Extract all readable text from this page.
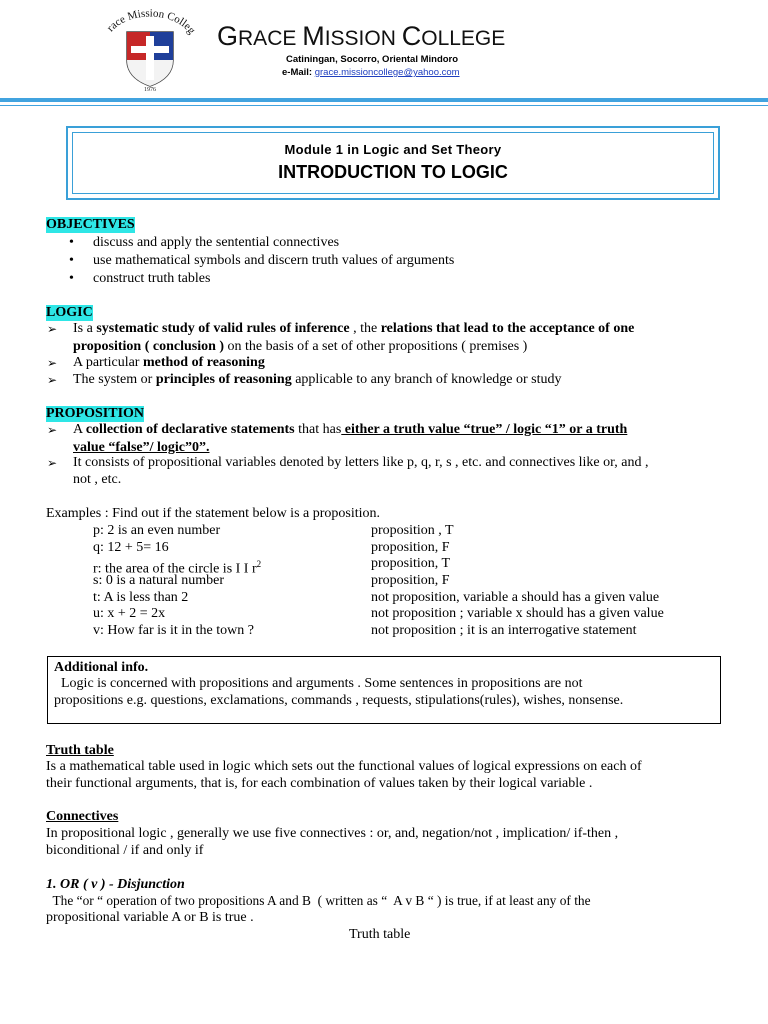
race Mission Colleg
1976
GRACE MISSION COLLEGE
Catiningan, Socorro, Oriental Mindoro
e-Mail: grace.missioncollege@yahoo.com
Module 1 in Logic and Set Theory
INTRODUCTION TO LOGIC
OBJECTIVES
• discuss and apply the sentential connectives
• use mathematical symbols and discern truth values of arguments
• construct truth tables
LOGIC
➢ Is a systematic study of valid rules of inference , the relations that lead to the acceptance of one
proposition ( conclusion ) on the basis of a set of other propositions ( premises )
➢ A particular method of reasoning
➢ The system or principles of reasoning applicable to any branch of knowledge or study
PROPOSITION
➢ A collection of declarative statements that has either a truth value “true” / logic “1” or a truth
value “false”/ logic”0”.
➢ It consists of propositional variables denoted by letters like p, q, r, s , etc. and connectives like or, and ,
not , etc.
Examples : Find out if the statement below is a proposition.
p: 2 is an even number	proposition , T
q: 12 + 5= 16	proposition, F
r: the area of the circle is I I $r^2$	proposition, T
s: 0 is a natural number	proposition, F
t: A is less than 2	not proposition, variable a should has a given value
u: x + 2 = 2x	not proposition ; variable x should has a given value
v: How far is it in the town ?	not proposition ; it is an interrogative statement
Additional info.
Logic is concerned with propositions and arguments . Some sentences in propositions are not
propositions e.g. questions, exclamations, commands , requests, stipulations(rules), wishes, nonsense.
Truth table
Is a mathematical table used in logic which sets out the functional values of logical expressions on each of
their functional arguments, that is, for each combination of values taken by their logical variable .
Connectives
In propositional logic , generally we use five connectives : or, and, negation/not , implication/ if-then ,
biconditional / if and only if
1. OR ( v ) - Disjunction
The “or “ operation of two propositions A and B  ( written as “  A v B “ ) is true, if at least any of the
propositional variable A or B is true .
Truth table
